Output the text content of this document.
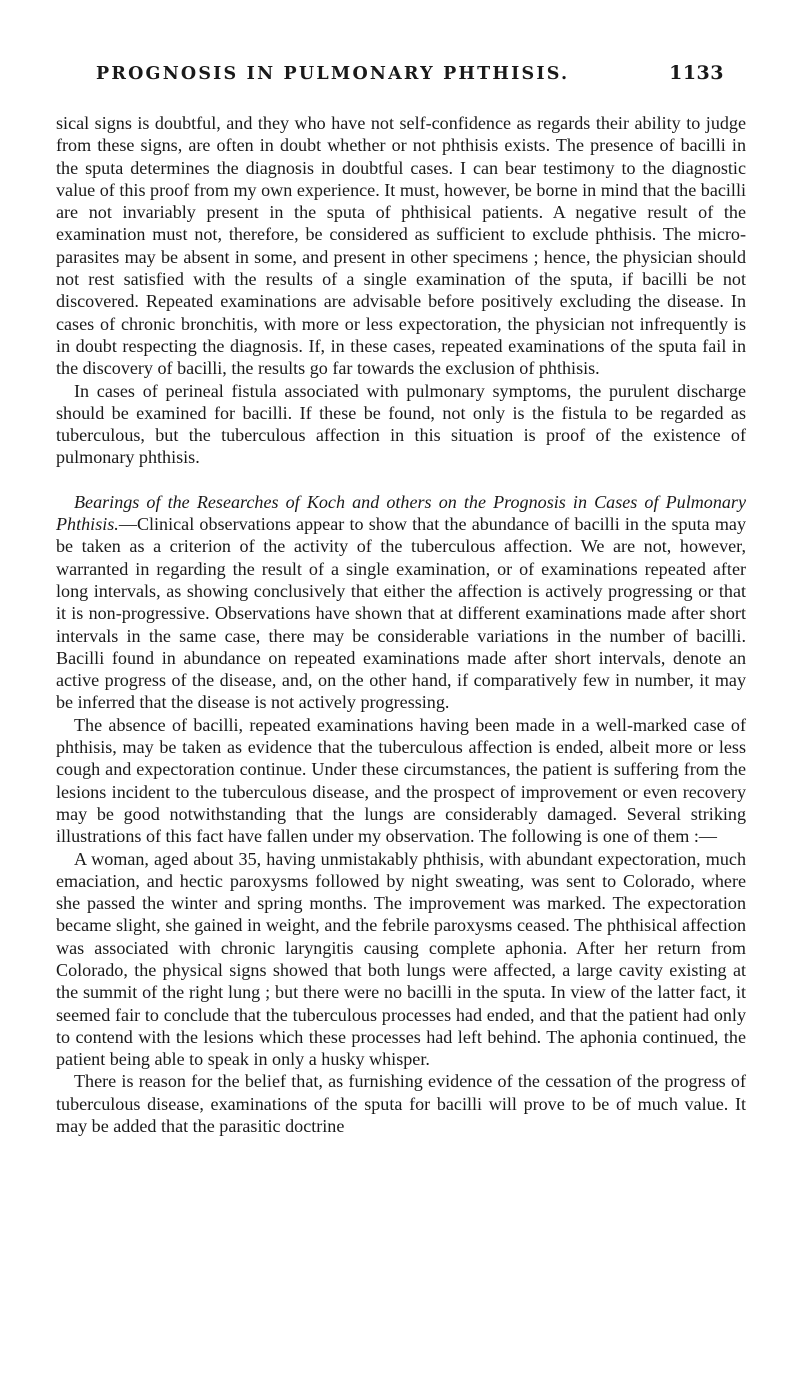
PROGNOSIS IN PULMONARY PHTHISIS.	1133

sical signs is doubtful, and they who have not self-confidence as regards their ability to judge from these signs, are often in doubt whether or not phthisis exists. The presence of bacilli in the sputa determines the diagnosis in doubtful cases. I can bear testimony to the diagnostic value of this proof from my own experience. It must, however, be borne in mind that the bacilli are not invariably present in the sputa of phthisical patients. A negative result of the examination must not, therefore, be considered as sufficient to exclude phthisis. The micro-parasites may be absent in some, and present in other specimens ; hence, the physician should not rest satisfied with the results of a single examination of the sputa, if bacilli be not discovered. Repeated examinations are advisable before positively excluding the disease. In cases of chronic bronchitis, with more or less expectoration, the physician not infrequently is in doubt respecting the diagnosis. If, in these cases, repeated examinations of the sputa fail in the discovery of bacilli, the results go far towards the exclusion of phthisis.

In cases of perineal fistula associated with pulmonary symptoms, the purulent discharge should be examined for bacilli. If these be found, not only is the fistula to be regarded as tuberculous, but the tuberculous affection in this situation is proof of the existence of pulmonary phthisis.

Bearings of the Researches of Koch and others on the Prognosis in Cases of Pulmonary Phthisis.—Clinical observations appear to show that the abundance of bacilli in the sputa may be taken as a criterion of the activity of the tuberculous affection. We are not, however, warranted in regarding the result of a single examination, or of examinations repeated after long intervals, as showing conclusively that either the affection is actively progressing or that it is non-progressive. Observations have shown that at different examinations made after short intervals in the same case, there may be considerable variations in the number of bacilli. Bacilli found in abundance on repeated examinations made after short intervals, denote an active progress of the disease, and, on the other hand, if comparatively few in number, it may be inferred that the disease is not actively progressing.

The absence of bacilli, repeated examinations having been made in a well-marked case of phthisis, may be taken as evidence that the tuberculous affection is ended, albeit more or less cough and expectoration continue. Under these circumstances, the patient is suffering from the lesions incident to the tuberculous disease, and the prospect of improvement or even recovery may be good notwithstanding that the lungs are considerably damaged. Several striking illustrations of this fact have fallen under my observation. The following is one of them :—

A woman, aged about 35, having unmistakably phthisis, with abundant expectoration, much emaciation, and hectic paroxysms followed by night sweating, was sent to Colorado, where she passed the winter and spring months. The improvement was marked. The expectoration became slight, she gained in weight, and the febrile paroxysms ceased. The phthisical affection was associated with chronic laryngitis causing complete aphonia. After her return from Colorado, the physical signs showed that both lungs were affected, a large cavity existing at the summit of the right lung ; but there were no bacilli in the sputa. In view of the latter fact, it seemed fair to conclude that the tuberculous processes had ended, and that the patient had only to contend with the lesions which these processes had left behind. The aphonia continued, the patient being able to speak in only a husky whisper.

There is reason for the belief that, as furnishing evidence of the cessation of the progress of tuberculous disease, examinations of the sputa for bacilli will prove to be of much value. It may be added that the parasitic doctrine
